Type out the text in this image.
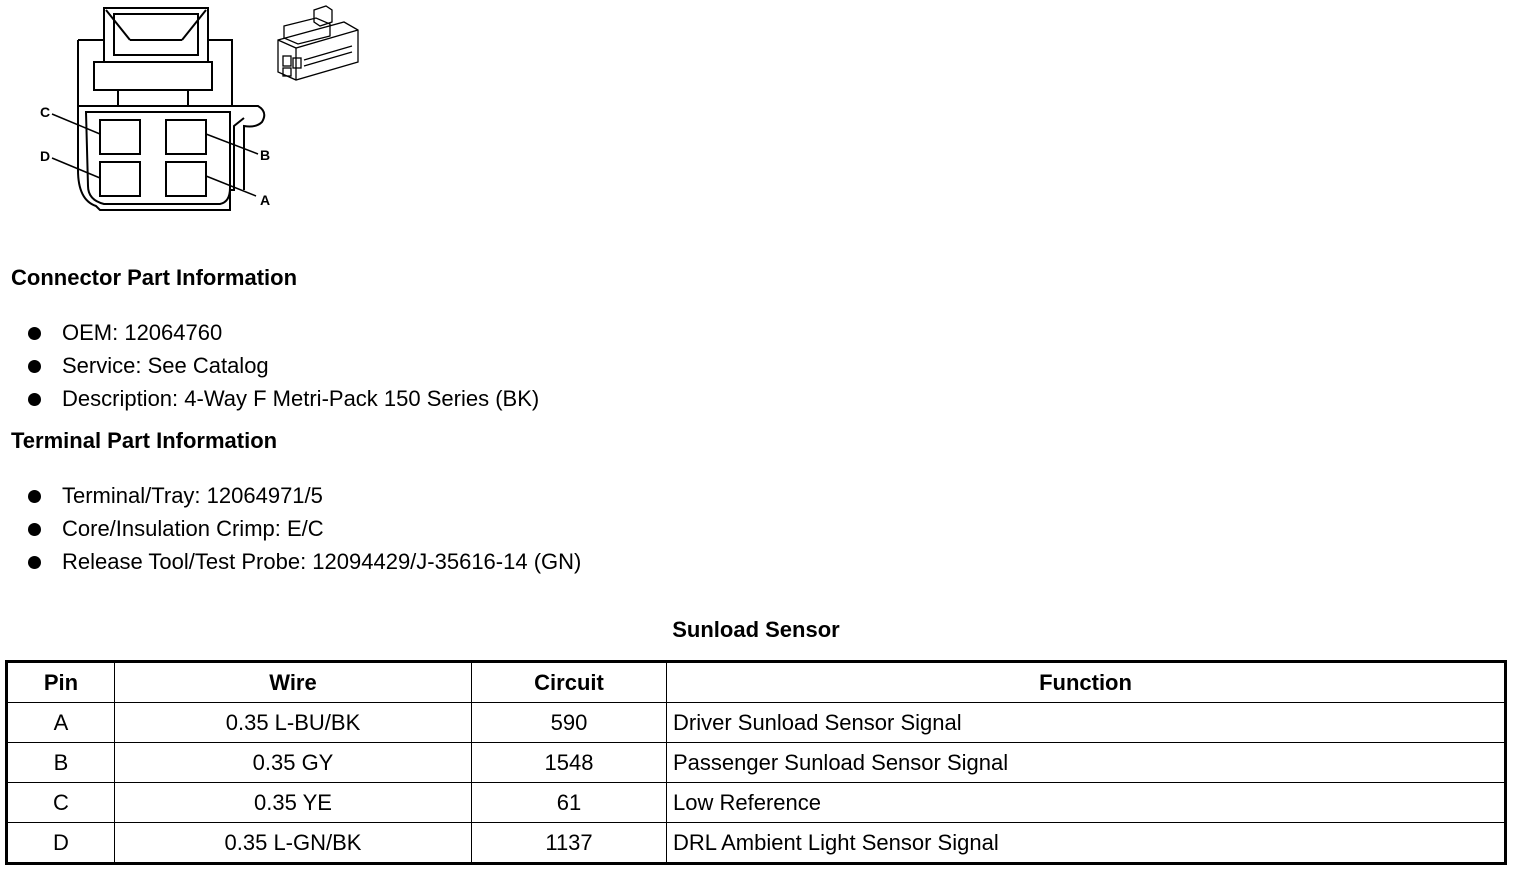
C
D	B
A
Connector Part Information
OEM: 12064760
Service: See Catalog
Description: 4-Way F Metri-Pack 150 Series (BK)
Terminal Part Information
Terminal/Tray: 12064971/5
Core/Insulation Crimp: E/C
Release Tool/Test Probe: 12094429/J-35616-14 (GN)
Sunload Sensor
Pin	Wire	Circuit	Function
A	0.35 L-BU/BK	590	Driver Sunload Sensor Signal
B	0.35 GY	1548	Passenger Sunload Sensor Signal
C	0.35 YE	61	Low Reference
D	0.35 L-GN/BK	1137	DRL Ambient Light Sensor Signal
